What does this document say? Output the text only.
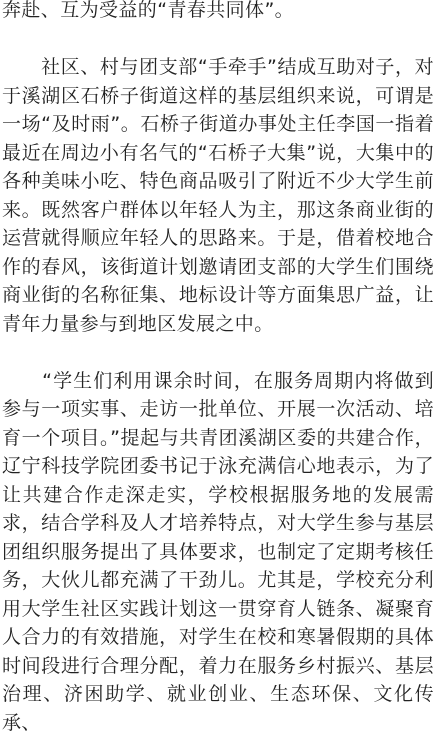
奔赴、互为受益的“青春共同体”。

　　社区、村与团支部“手牵手”结成互助对子，对于溪湖区石桥子街道这样的基层组织来说，可谓是一场“及时雨”。石桥子街道办事处主任李国一指着最近在周边小有名气的“石桥子大集”说，大集中的各种美味小吃、特色商品吸引了附近不少大学生前来。既然客户群体以年轻人为主，那这条商业街的运营就得顺应年轻人的思路来。于是，借着校地合作的春风，该街道计划邀请团支部的大学生们围绕商业街的名称征集、地标设计等方面集思广益，让青年力量参与到地区发展之中。

　　“学生们利用课余时间，在服务周期内将做到参与一项实事、走访一批单位、开展一次活动、培育一个项目。”提起与共青团溪湖区委的共建合作，辽宁科技学院团委书记于泳充满信心地表示，为了让共建合作走深走实，学校根据服务地的发展需求，结合学科及人才培养特点，对大学生参与基层团组织服务提出了具体要求，也制定了定期考核任务，大伙儿都充满了干劲儿。尤其是，学校充分利用大学生社区实践计划这一贯穿育人链条、凝聚育人合力的有效措施，对学生在校和寒暑假期的具体时间段进行合理分配，着力在服务乡村振兴、基层治理、济困助学、就业创业、生态环保、文化传承、
